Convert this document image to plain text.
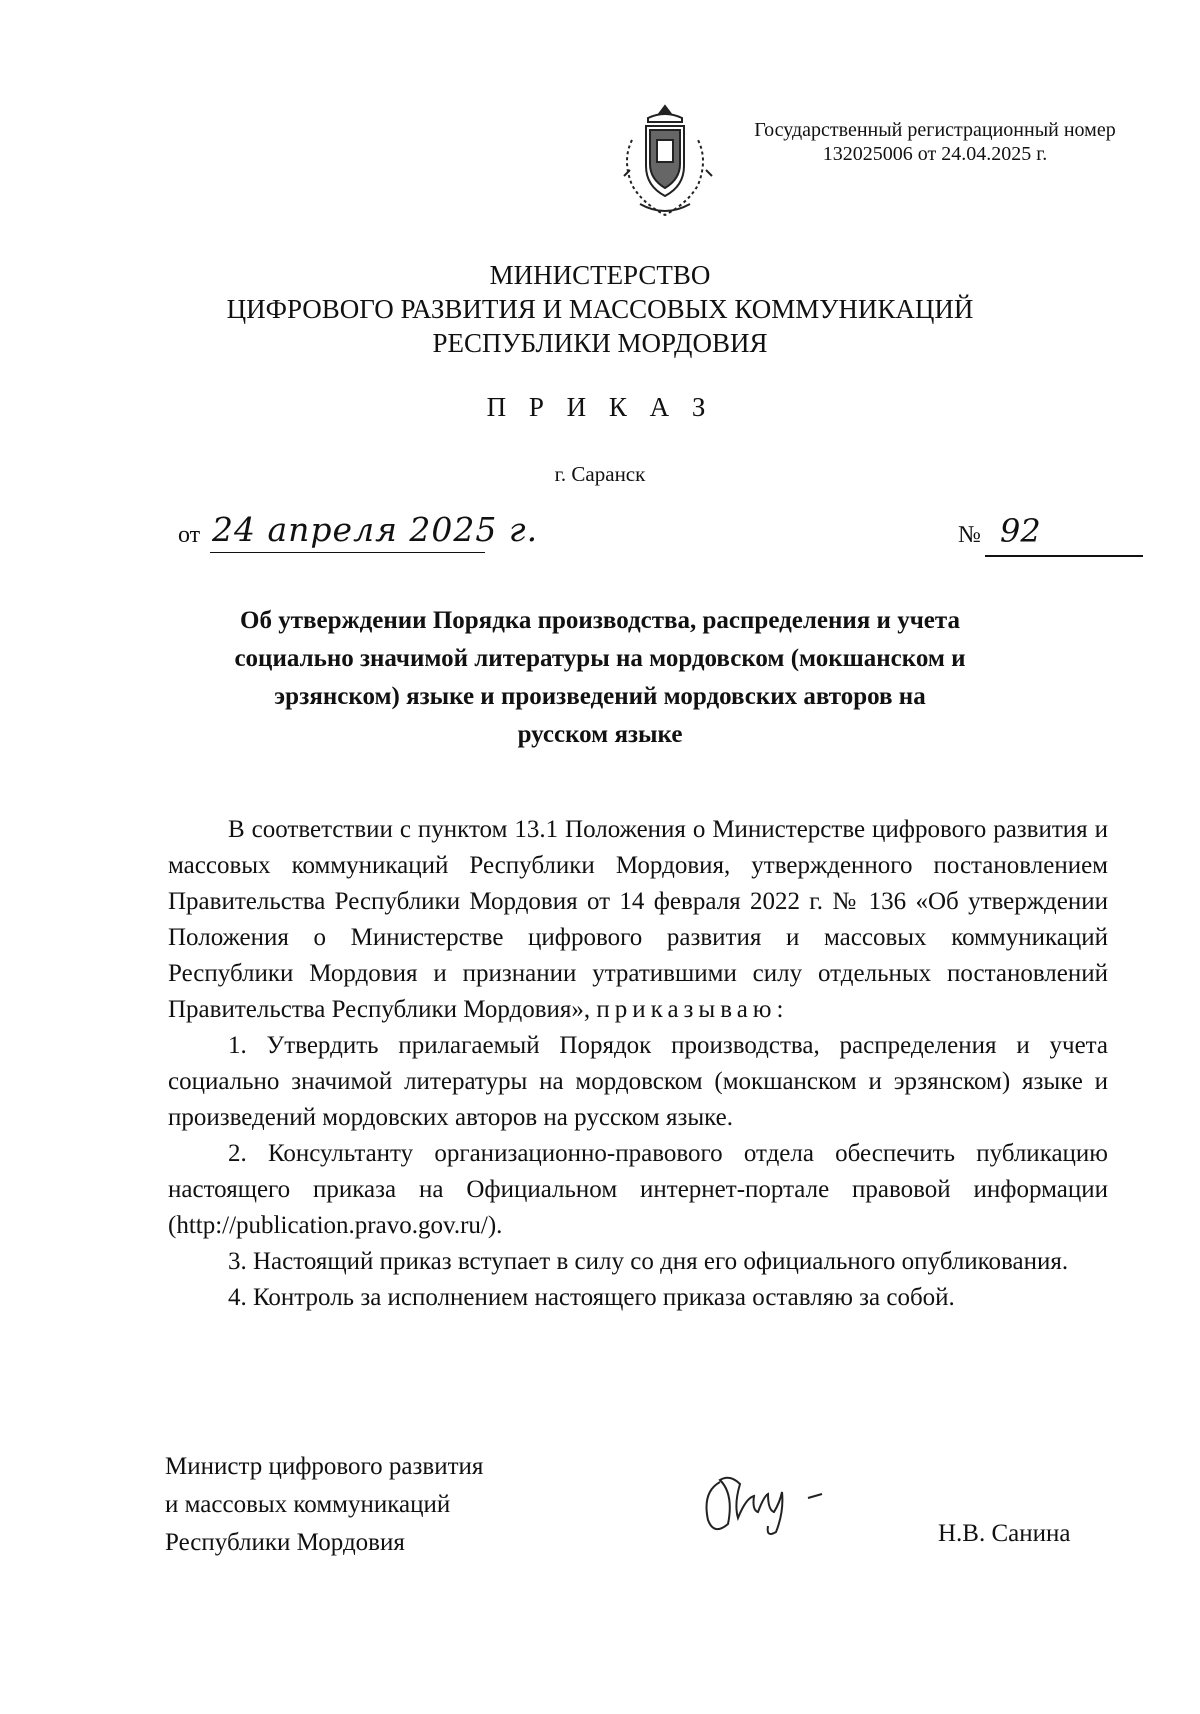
Государственный регистрационный номер
132025006 от 24.04.2025 г.
МИНИСТЕРСТВО
ЦИФРОВОГО РАЗВИТИЯ И МАССОВЫХ КОММУНИКАЦИЙ
РЕСПУБЛИКИ МОРДОВИЯ
П Р И К А З
г. Саранск
от 24 апреля 2025 г.	№ 92
Об утверждении Порядка производства, распределения и учета социально значимой литературы на мордовском (мокшанском и эрзянском) языке и произведений мордовских авторов на русском языке

В соответствии с пунктом 13.1 Положения о Министерстве цифрового развития и массовых коммуникаций Республики Мордовия, утвержденного постановлением Правительства Республики Мордовия от 14 февраля 2022 г. № 136 «Об утверждении Положения о Министерстве цифрового развития и массовых коммуникаций Республики Мордовия и признании утратившими силу отдельных постановлений Правительства Республики Мордовия», приказываю:

1. Утвердить прилагаемый Порядок производства, распределения и учета социально значимой литературы на мордовском (мокшанском и эрзянском) языке и произведений мордовских авторов на русском языке.

2. Консультанту организационно-правового отдела обеспечить публикацию настоящего приказа на Официальном интернет-портале правовой информации (http://publication.pravo.gov.ru/).

3. Настоящий приказ вступает в силу со дня его официального опубликования.

4. Контроль за исполнением настоящего приказа оставляю за собой.

Министр цифрового развития
и массовых коммуникаций
Республики Мордовия	Н.В. Санина
